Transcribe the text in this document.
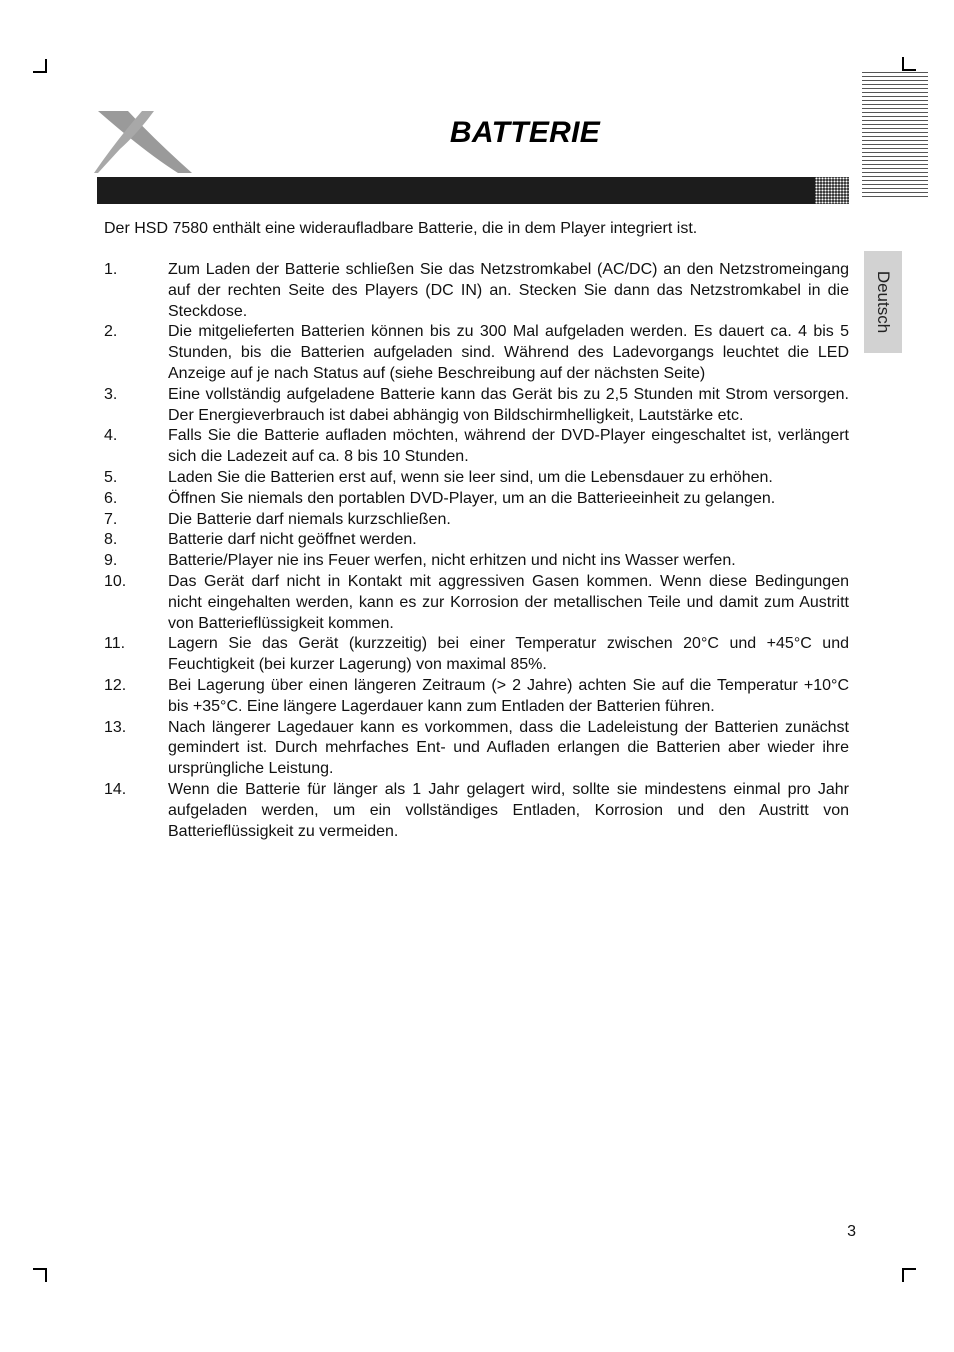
BATTERIE
Deutsch
Der HSD 7580 enthält eine wideraufladbare Batterie, die in dem Player integriert ist.
1.	Zum Laden der Batterie schließen Sie das Netzstromkabel (AC/DC) an den Netzstromeingang auf der rechten Seite des Players (DC IN) an. Stecken Sie dann das Netzstromkabel in die Steckdose.
2.	Die mitgelieferten Batterien können bis zu 300 Mal aufgeladen werden. Es dauert ca. 4 bis 5 Stunden, bis die Batterien aufgeladen sind. Während des Ladevorgangs leuchtet die LED Anzeige auf je nach Status auf (siehe Beschreibung auf der nächsten Seite)
3.	Eine vollständig aufgeladene Batterie kann das Gerät bis zu 2,5 Stunden mit Strom versorgen. Der Energieverbrauch ist dabei abhängig von Bildschirmhelligkeit, Lautstärke etc.
4.	Falls Sie die Batterie aufladen möchten, während der DVD-Player eingeschaltet ist, verlängert sich die Ladezeit auf ca. 8 bis 10 Stunden.
5.	Laden Sie die Batterien erst auf, wenn sie leer sind, um die Lebensdauer zu erhöhen.
6.	Öffnen Sie niemals den portablen DVD-Player, um an die Batterieeinheit zu gelangen.
7.	Die Batterie darf niemals kurzschließen.
8.	Batterie darf nicht geöffnet werden.
9.	Batterie/Player nie ins Feuer werfen, nicht erhitzen und nicht ins Wasser werfen.
10.	Das Gerät darf nicht in Kontakt mit aggressiven Gasen kommen. Wenn diese Bedingungen nicht eingehalten werden, kann es zur Korrosion der metallischen Teile und damit zum Austritt von Batterieflüssigkeit kommen.
11.	Lagern Sie das Gerät (kurzzeitig) bei einer Temperatur zwischen 20°C und +45°C und Feuchtigkeit (bei kurzer Lagerung) von maximal 85%.
12.	Bei Lagerung über einen längeren Zeitraum (> 2 Jahre) achten Sie auf die Temperatur +10°C bis +35°C. Eine längere Lagerdauer kann zum Entladen der Batterien führen.
13.	Nach längerer Lagedauer kann es vorkommen, dass die Ladeleistung der Batterien zunächst gemindert ist. Durch mehrfaches Ent- und Aufladen erlangen die Batterien aber wieder ihre ursprüngliche Leistung.
14.	Wenn die Batterie für länger als 1 Jahr gelagert wird, sollte sie mindestens einmal pro Jahr aufgeladen werden, um ein vollständiges Entladen, Korrosion und den Austritt von Batterieflüssigkeit zu vermeiden.
3
